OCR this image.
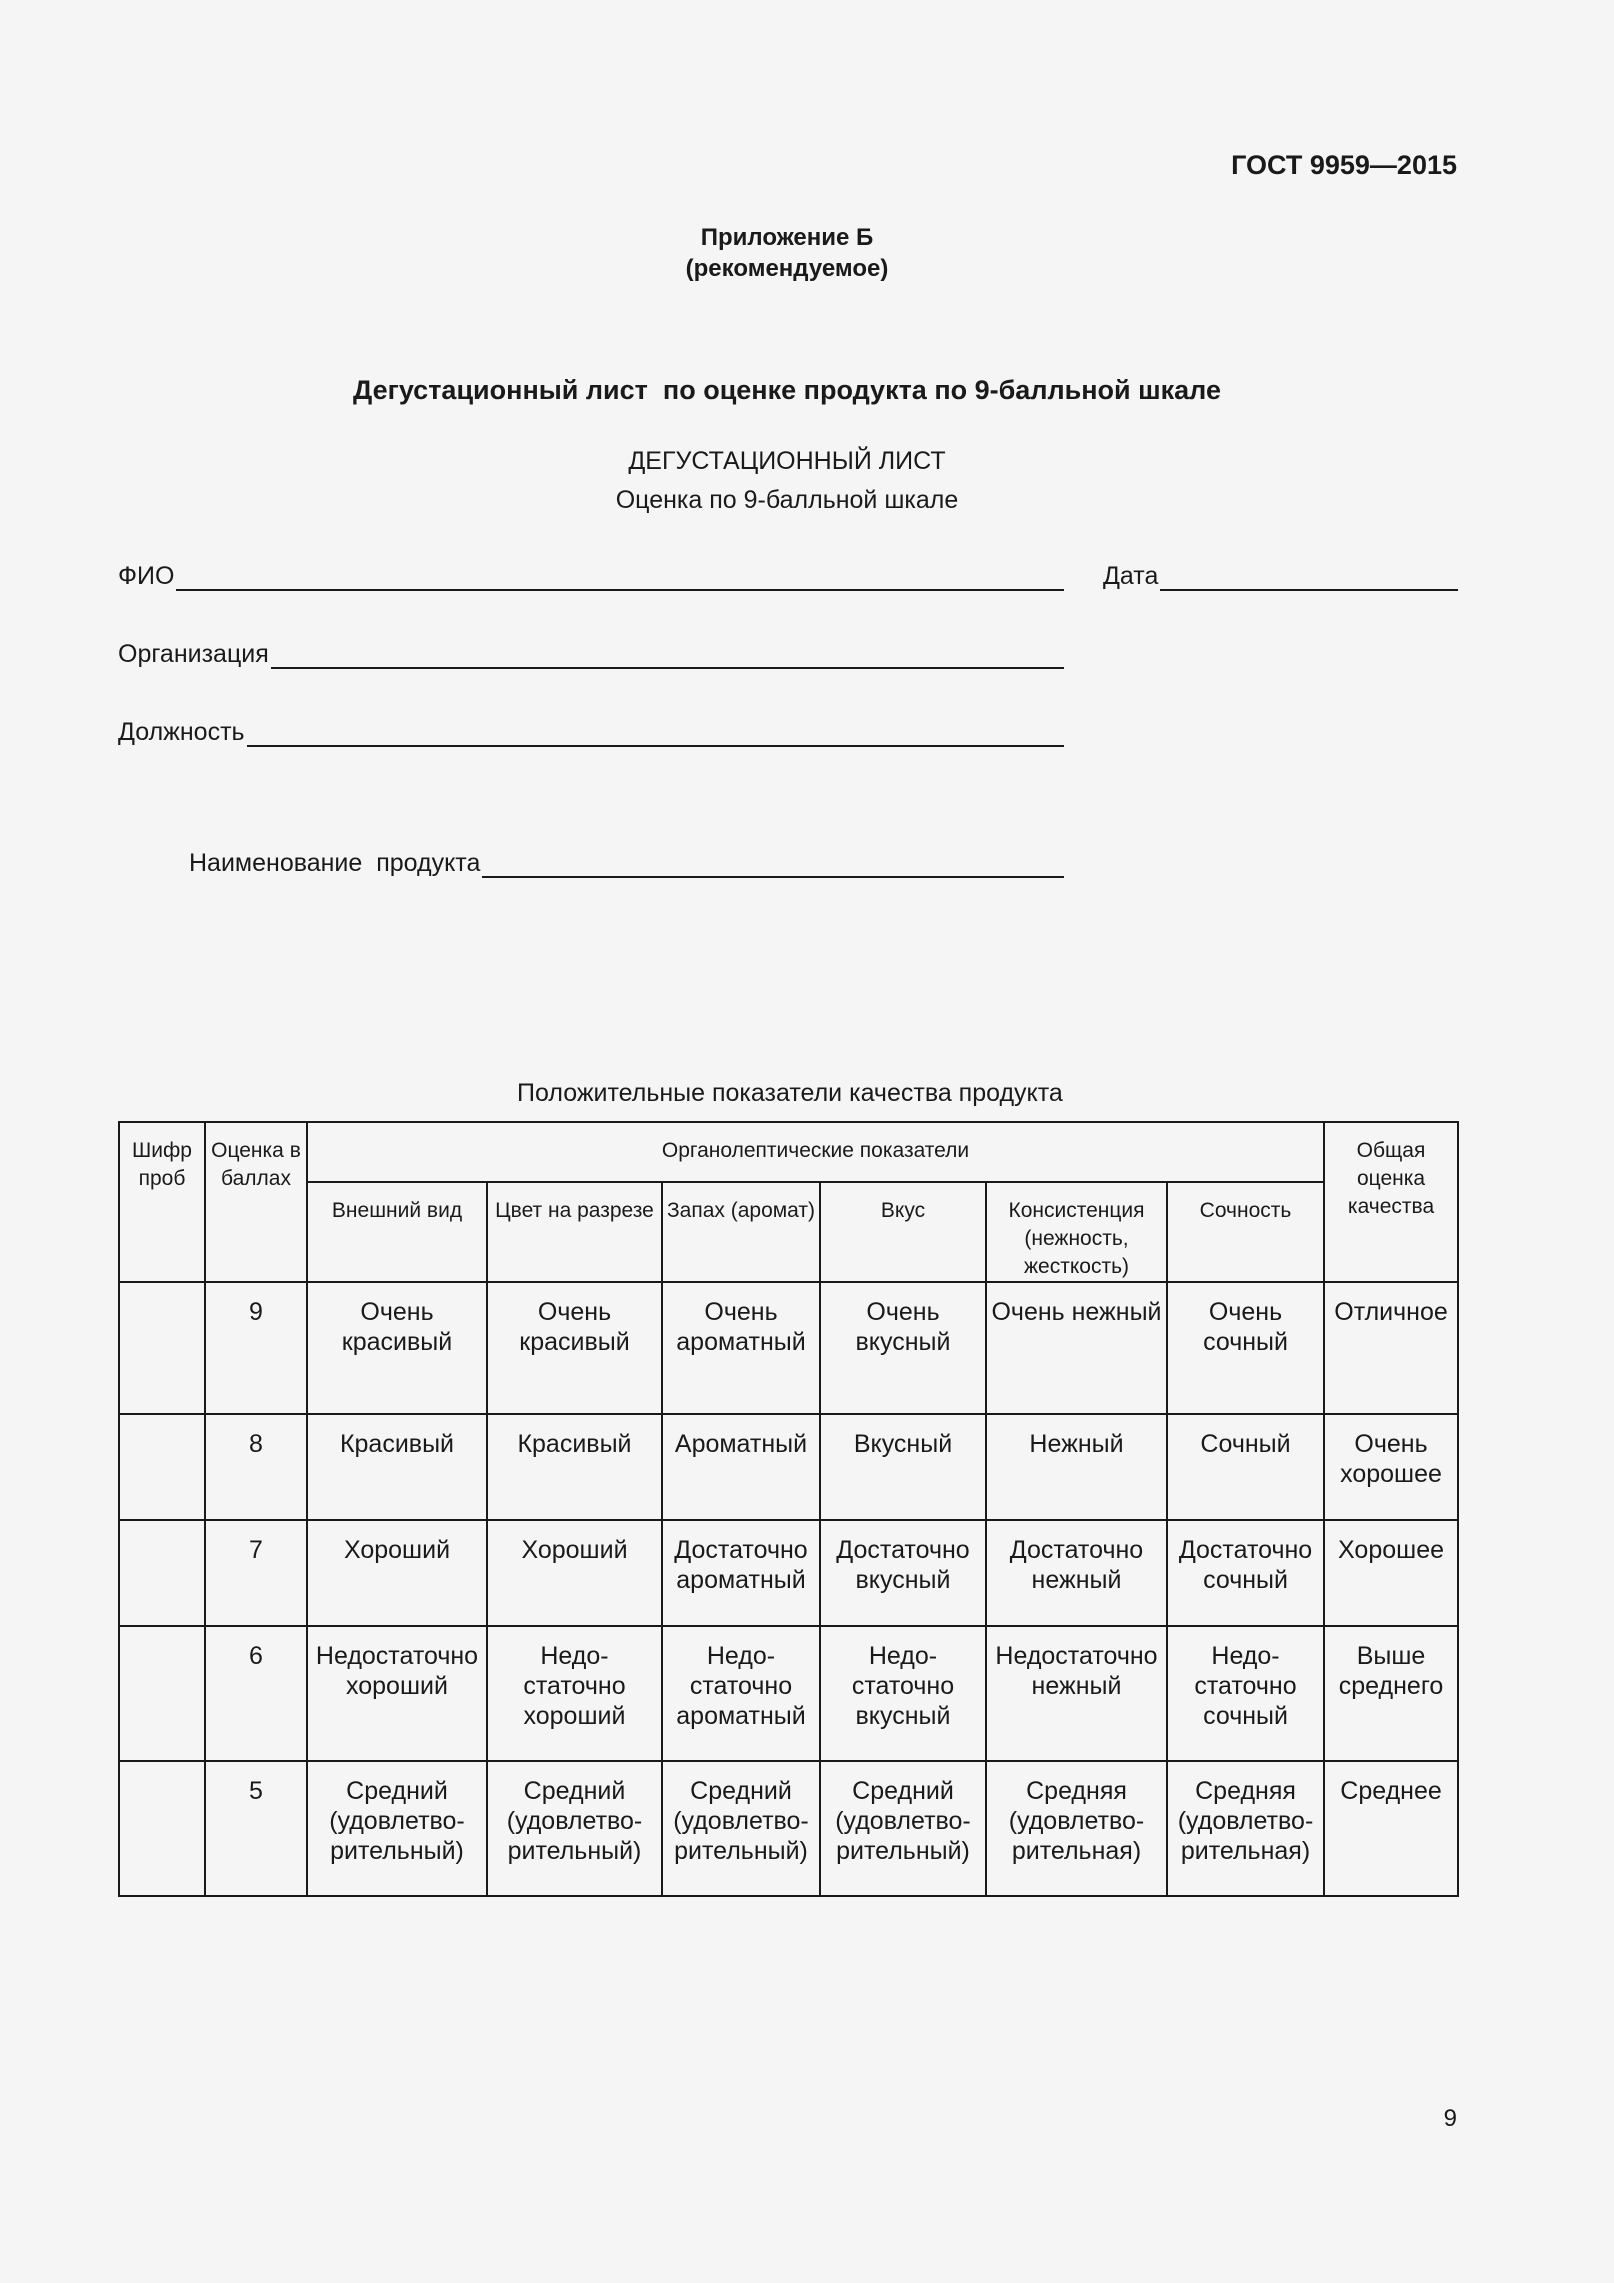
ГОСТ 9959—2015
Приложение Б
(рекомендуемое)
Дегустационный лист  по оценке продукта по 9-балльной шкале
ДЕГУСТАЦИОННЫЙ ЛИСТ
Оценка по 9-балльной шкале
ФИО	Дата
Организация
Должность
Наименование  продукта
Положительные показатели качества продукта
Шифр проб	Оценка в баллах	Органолептические показатели						Общая оценка качества
		Внешний вид	Цвет на разрезе	Запах (аромат)	Вкус	Консистенция (нежность, жесткость)	Сочность	
	9	Очень красивый	Очень красивый	Очень ароматный	Очень вкусный	Очень нежный	Очень сочный	Отличное
	8	Красивый	Красивый	Ароматный	Вкусный	Нежный	Сочный	Очень хорошее
	7	Хороший	Хороший	Достаточно ароматный	Достаточно вкусный	Достаточно нежный	Достаточно сочный	Хорошее
	6	Недостаточно хороший	Недо-статочно хороший	Недо-статочно ароматный	Недо-статочно вкусный	Недостаточно нежный	Недо-статочно сочный	Выше среднего
	5	Средний (удовлетво-рительный)	Средний (удовлетво-рительный)	Средний (удовлетво-рительный)	Средний (удовлетво-рительный)	Средняя (удовлетво-рительная)	Средняя (удовлетво-рительная)	Среднее
9
